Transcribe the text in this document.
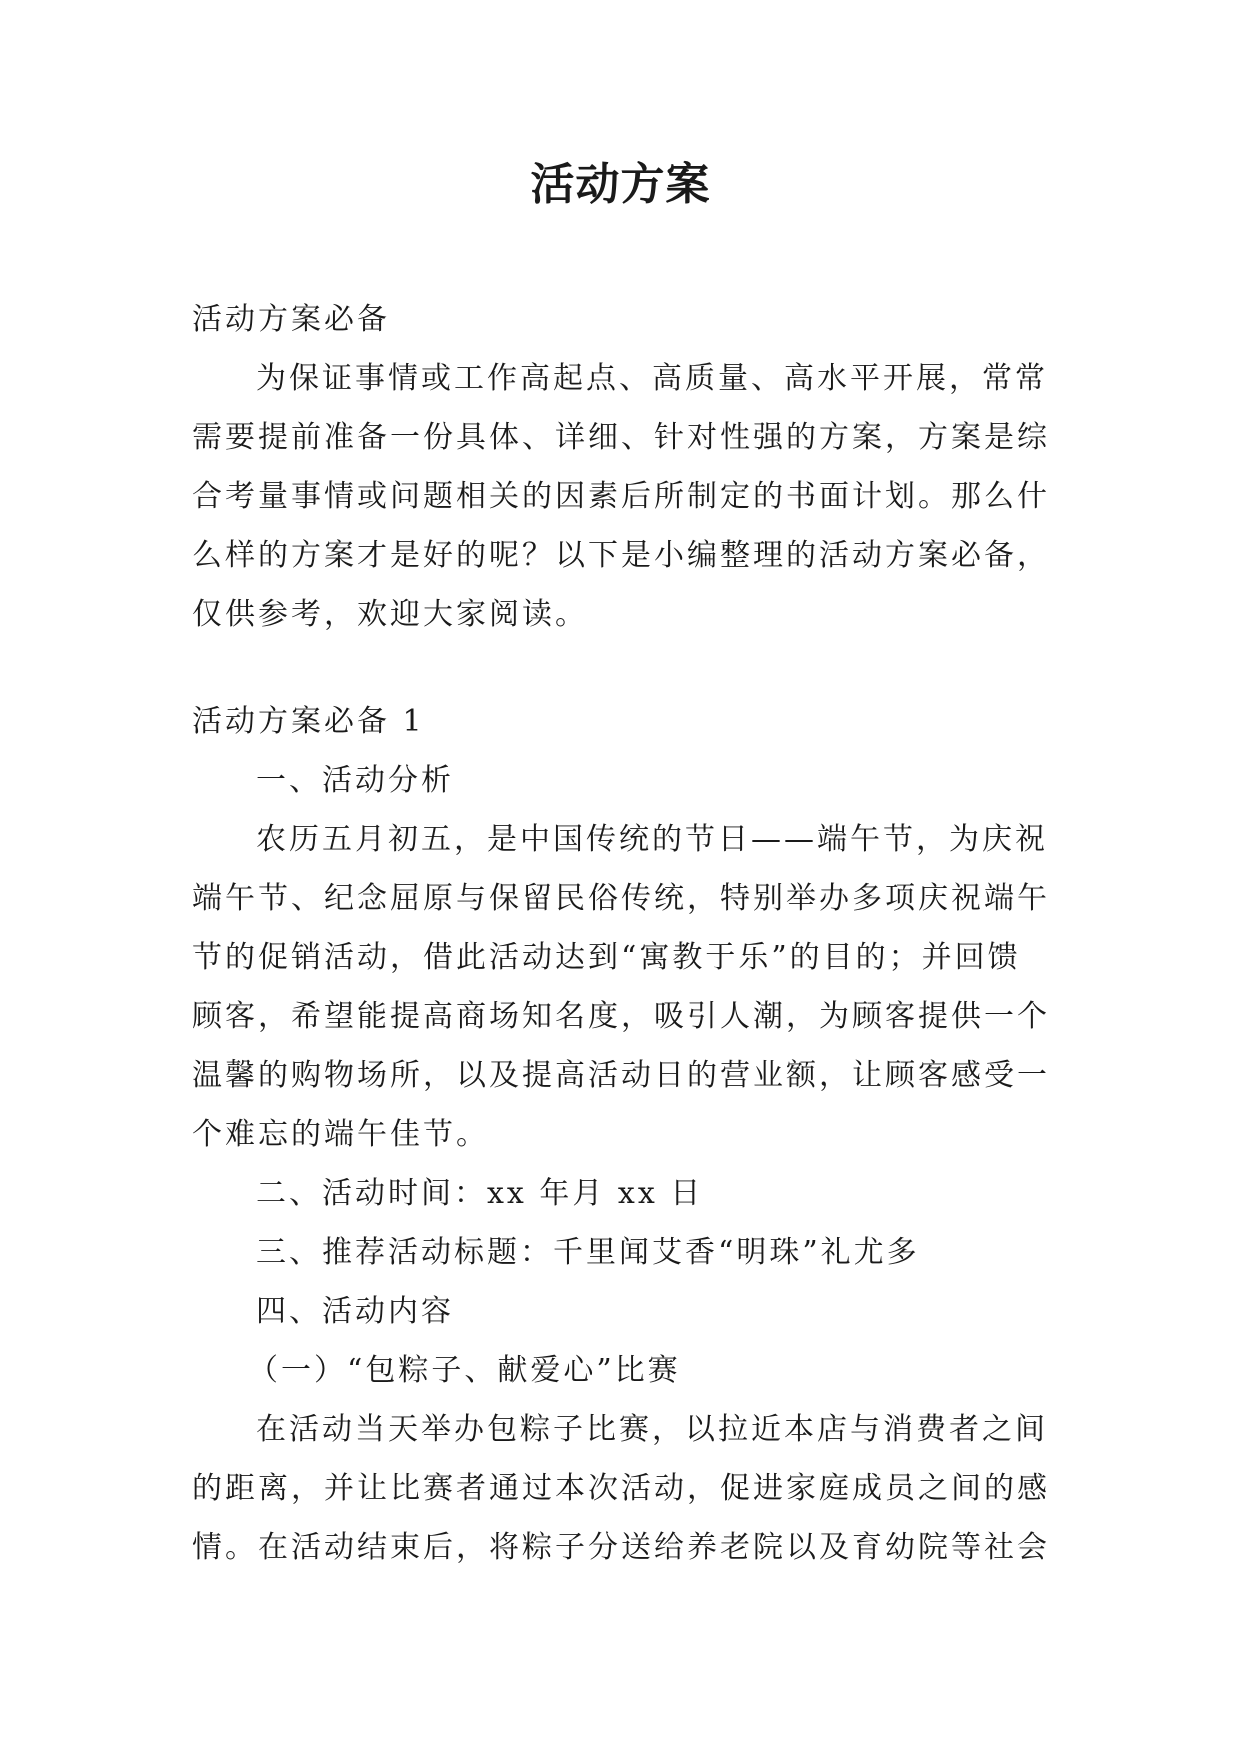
活动方案
活动方案必备
为保证事情或工作高起点、高质量、高水平开展，常常
需要提前准备一份具体、详细、针对性强的方案，方案是综
合考量事情或问题相关的因素后所制定的书面计划。那么什
么样的方案才是好的呢？以下是小编整理的活动方案必备，
仅供参考，欢迎大家阅读。
活动方案必备 1
一、活动分析
农历五月初五，是中国传统的节日——端午节，为庆祝
端午节、纪念屈原与保留民俗传统，特别举办多项庆祝端午
节的促销活动，借此活动达到“寓教于乐”的目的；并回馈
顾客，希望能提高商场知名度，吸引人潮，为顾客提供一个
温馨的购物场所，以及提高活动日的营业额，让顾客感受一
个难忘的端午佳节。
二、活动时间：xx 年月 xx 日
三、推荐活动标题：千里闻艾香“明珠”礼尤多
四、活动内容
（一）“包粽子、献爱心”比赛
在活动当天举办包粽子比赛，以拉近本店与消费者之间
的距离，并让比赛者通过本次活动，促进家庭成员之间的感
情。在活动结束后，将粽子分送给养老院以及育幼院等社会
